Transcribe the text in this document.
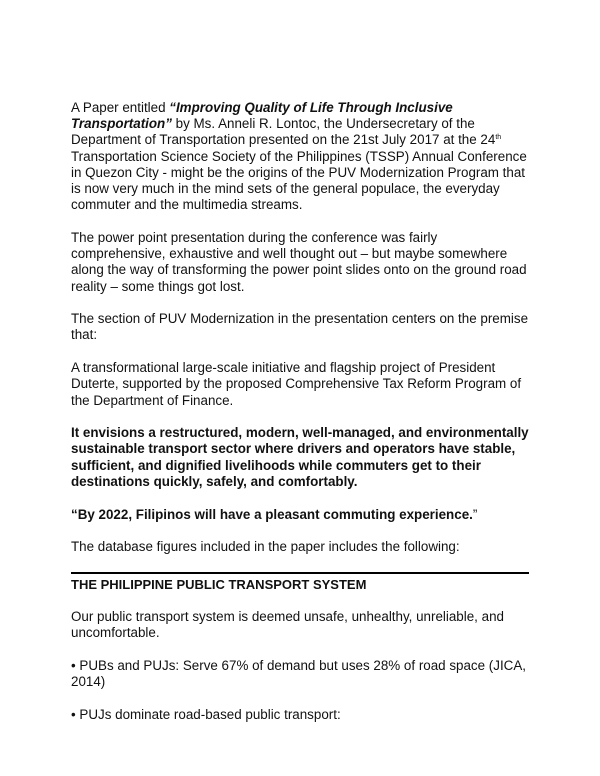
A Paper entitled “Improving Quality of Life Through Inclusive Transportation” by Ms. Anneli R. Lontoc, the Undersecretary of the Department of Transportation presented on the 21st July 2017 at the 24th Transportation Science Society of the Philippines (TSSP) Annual Conference in Quezon City - might be the origins of the PUV Modernization Program that is now very much in the mind sets of the general populace, the everyday commuter and the multimedia streams.

The power point presentation during the conference was fairly comprehensive, exhaustive and well thought out – but maybe somewhere along the way of transforming the power point slides onto on the ground road reality – some things got lost.

The section of PUV Modernization in the presentation centers on the premise that:

A transformational large-scale initiative and flagship project of President Duterte, supported by the proposed Comprehensive Tax Reform Program of the Department of Finance.

It envisions a restructured, modern, well-managed, and environmentally sustainable transport sector where drivers and operators have stable, sufficient, and dignified livelihoods while commuters get to their destinations quickly, safely, and comfortably.

“By 2022, Filipinos will have a pleasant commuting experience.”

The database figures included in the paper includes the following:

THE PHILIPPINE PUBLIC TRANSPORT SYSTEM

Our public transport system is deemed unsafe, unhealthy, unreliable, and uncomfortable.

• PUBs and PUJs: Serve 67% of demand but uses 28% of road space (JICA, 2014)

• PUJs dominate road-based public transport:
